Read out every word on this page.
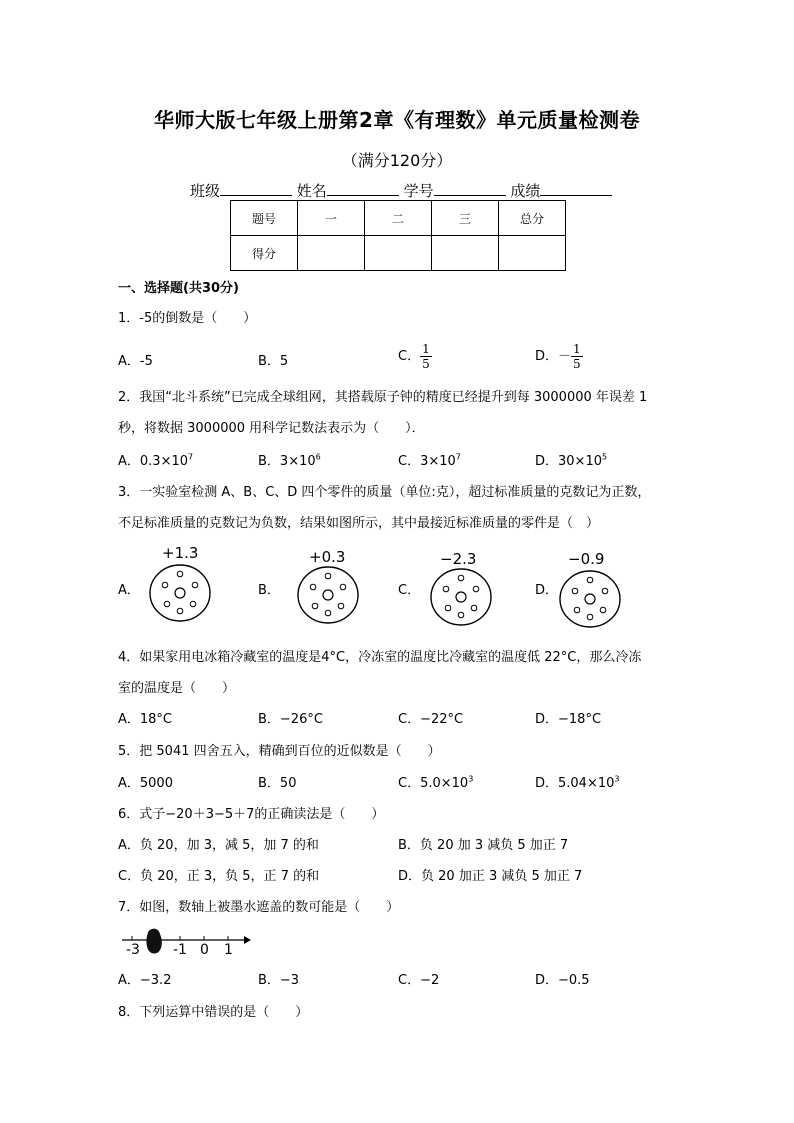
华师大版七年级上册第2章《有理数》单元质量检测卷
（满分120分）
班级	姓名	学号	成绩
题号	一	二	三	总分
得分				
一、选择题(共30分)
1．-5的倒数是（　　）
A．-5	B．5	C． $\frac{1}{5}$	D．－ $\frac{1}{5}$
2．我国“北斗系统”已完成全球组网，其搭载原子钟的精度已经提升到每 3000000 年误差 1
秒，将数据 3000000 用科学记数法表示为（　　）．
A．$0.3\times 10^7$	B．$3\times 10^6$	C．$3\times 10^7$	D．$30\times 10^5$
3．一实验室检测 A、B、C、D 四个零件的质量（单位:克），超过标准质量的克数记为正数，
不足标准质量的克数记为负数，结果如图所示，其中最接近标准质量的零件是（　）
+1.3
A．
+0.3
B．
−2.3
C．
−0.9
D．
4．如果家用电冰箱冷藏室的温度是4°C，冷冻室的温度比冷藏室的温度低 22°C，那么冷冻
室的温度是（　　）
A．18°C	B．−26°C	C．−22°C	D．−18°C
5．把 5041 四舍五入，精确到百位的近似数是（　　）
A．5000	B．50	C．$5.0\times 10^3$	D．$5.04\times 10^3$
6．式子−20＋3−5＋7的正确读法是（　　）
A．负 20，加 3，减 5，加 7 的和	B．负 20 加 3 减负 5 加正 7
C．负 20，正 3，负 5，正 7 的和	D．负 20 加正 3 减负 5 加正 7
7．如图，数轴上被墨水遮盖的数可能是（　　）
-3 -1 0 1
A．−3.2	B．−3	C．−2	D．−0.5
8．下列运算中错误的是（　　）
